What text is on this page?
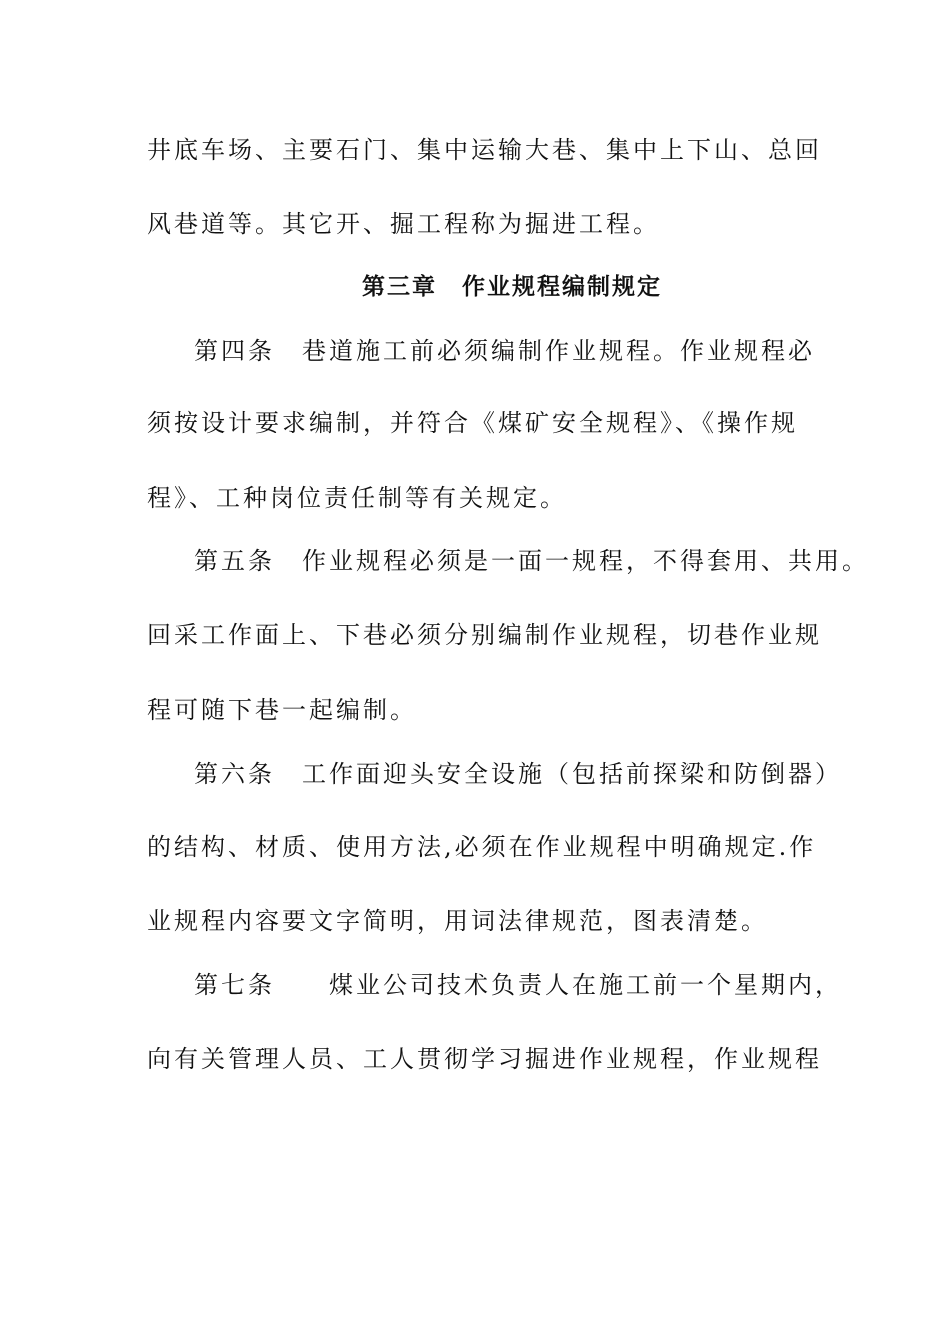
井底车场、主要石门、集中运输大巷、集中上下山、总回
风巷道等。其它开、掘工程称为掘进工程。
第三章　作业规程编制规定
第四条　巷道施工前必须编制作业规程。作业规程必
须按设计要求编制，并符合《煤矿安全规程》、《操作规
程》、工种岗位责任制等有关规定。
第五条　作业规程必须是一面一规程，不得套用、共用。
回采工作面上、下巷必须分别编制作业规程，切巷作业规
程可随下巷一起编制。
第六条　工作面迎头安全设施（包括前探梁和防倒器）
的结构、材质、使用方法,必须在作业规程中明确规定.作
业规程内容要文字简明，用词法律规范，图表清楚。
第七条　　煤业公司技术负责人在施工前一个星期内，
向有关管理人员、工人贯彻学习掘进作业规程，作业规程
